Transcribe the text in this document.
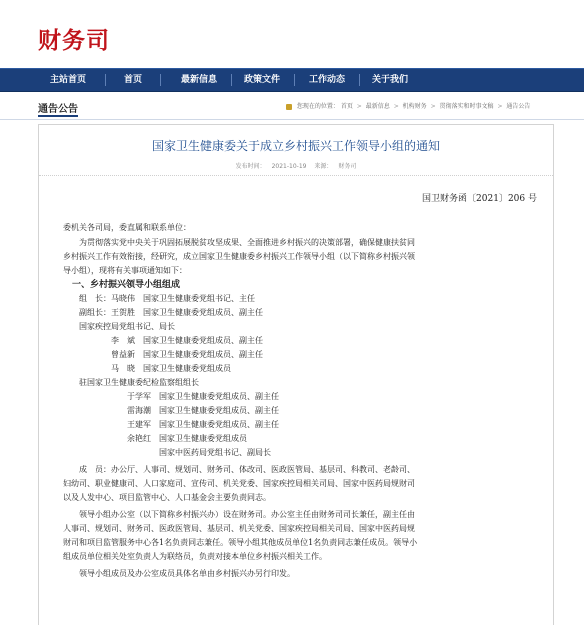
财务司
主站首页	首页	最新信息	政策文件	工作动态	关于我们
通告公告	您现在的位置： 首页 > 最新信息 > 机构财务 > 贯彻落实和时事文稿 > 通告公告
国家卫生健康委关于成立乡村振兴工作领导小组的通知
发布时间： 2021-10-19 来源： 财务司
国卫财务函〔2021〕206 号
委机关各司局，委直属和联系单位：
　　为贯彻落实党中央关于巩固拓展脱贫攻坚成果、全面推进乡村振兴的决策部署，确保健康扶贫同
乡村振兴工作有效衔接，经研究，成立国家卫生健康委乡村振兴工作领导小组（以下简称乡村振兴领
导小组），现将有关事项通知如下：
　一、乡村振兴领导小组组成
　　组　长：马晓伟　国家卫生健康委党组书记、主任
　　副组长：王贺胜　国家卫生健康委党组成员、副主任
　　国家疾控局党组书记、局长
　　　　　　李　斌　国家卫生健康委党组成员、副主任
　　　　　　曾益新　国家卫生健康委党组成员、副主任
　　　　　　马　晓　国家卫生健康委党组成员
　　驻国家卫生健康委纪检监察组组长
　　　　　　　　于学军　国家卫生健康委党组成员、副主任
　　　　　　　　雷海潮　国家卫生健康委党组成员、副主任
　　　　　　　　王建军　国家卫生健康委党组成员、副主任
　　　　　　　　余艳红　国家卫生健康委党组成员
　　　　　　　　　　　　国家中医药局党组书记、副局长
　　成　员：办公厅、人事司、规划司、财务司、体改司、医政医管局、基层司、科教司、老龄司、
妇幼司、职业健康司、人口家庭司、宣传司、机关党委、国家疾控局相关司局、国家中医药局规财司
以及人发中心、项目监管中心、人口基金会主要负责同志。
　　领导小组办公室（以下简称乡村振兴办）设在财务司。办公室主任由财务司司长兼任，副主任由
人事司、规划司、财务司、医政医管局、基层司、机关党委、国家疾控局相关司局、国家中医药局规
财司和项目监管服务中心各1名负责同志兼任。领导小组其他成员单位1名负责同志兼任成员。领导小
组成员单位相关处室负责人为联络员，负责对接本单位乡村振兴相关工作。
　　领导小组成员及办公室成员具体名单由乡村振兴办另行印发。
